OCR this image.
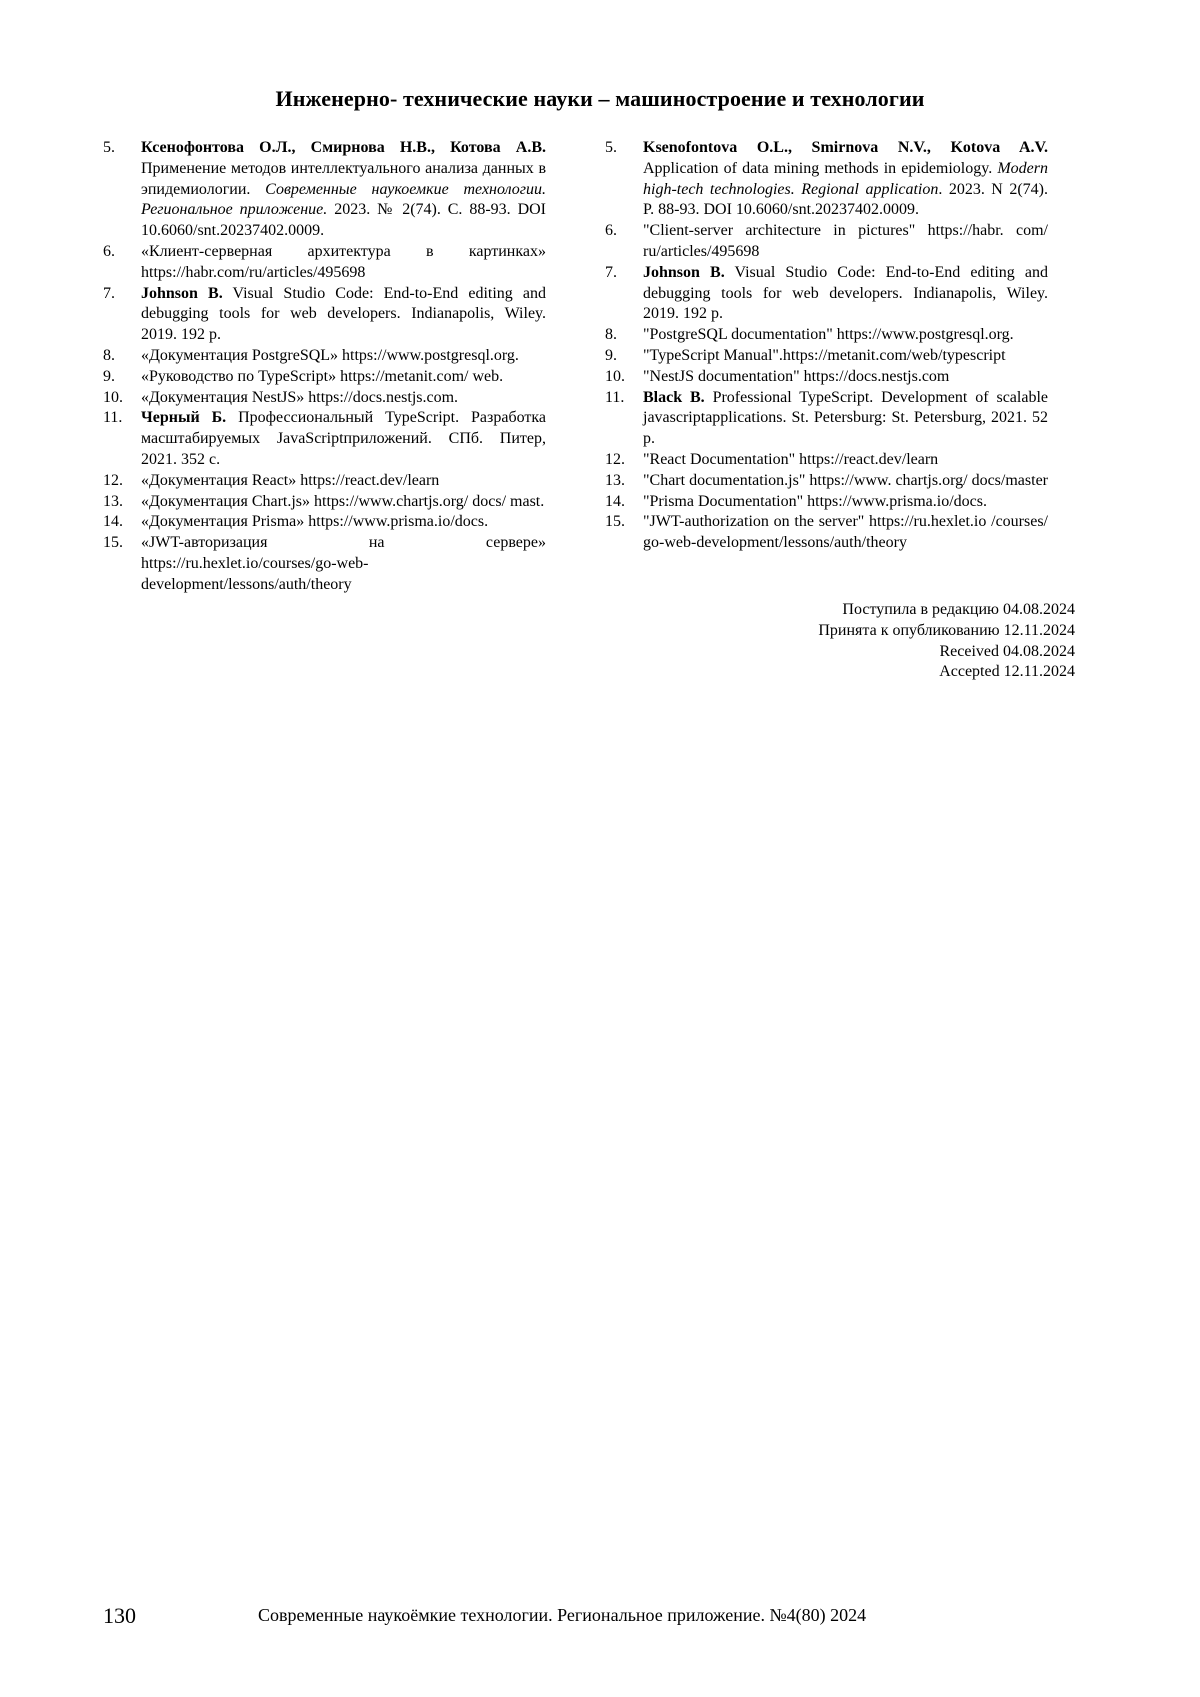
Инженерно- технические науки – машиностроение и технологии
5.	Ксенофонтова О.Л., Смирнова Н.В., Котова А.В. Применение методов интеллектуального анализа данных в эпидемиологии. Современные наукоемкие технологии. Региональное приложение. 2023. № 2(74). С. 88-93. DOI 10.6060/snt.20237402.0009.
6.	«Клиент-серверная архитектура в картинках» https://habr.com/ru/articles/495698
7.	Johnson B. Visual Studio Code: End-to-End editing and debugging tools for web developers. Indianapolis, Wiley. 2019. 192 p.
8.	«Документация PostgreSQL» https://www.postgresql.org.
9.	«Руководство по TypeScript» https://metanit.com/ web.
10.	«Документация NestJS» https://docs.nestjs.com.
11.	Черный Б. Профессиональный TypeScript. Разработка масштабируемых JavaScriptприложений. СПб. Питер, 2021. 352 с.
12.	«Документация React» https://react.dev/learn
13.	«Документация Chart.js» https://www.chartjs.org/ docs/ mast.
14.	«Документация Prisma» https://www.prisma.io/docs.
15.	«JWT-авторизация на сервере» https://ru.hexlet.io/courses/go-web-development/lessons/auth/theory
5.	Ksenofontova O.L., Smirnova N.V., Kotova A.V. Application of data mining methods in epidemiology. Modern high-tech technologies. Regional application. 2023. N 2(74). P. 88-93. DOI 10.6060/snt.20237402.0009.
6.	"Client-server architecture in pictures" https://habr. com/ ru/articles/495698
7.	Johnson B. Visual Studio Code: End-to-End editing and debugging tools for web developers. Indianapolis, Wiley. 2019. 192 p.
8.	"PostgreSQL documentation" https://www.postgresql.org.
9.	"TypeScript Manual".https://metanit.com/web/typescript
10.	"NestJS documentation" https://docs.nestjs.com
11.	Black B. Professional TypeScript. Development of scalable javascriptapplications. St. Petersburg: St. Petersburg, 2021. 52 p.
12.	"React Documentation" https://react.dev/learn
13.	"Chart documentation.js" https://www. chartjs.org/ docs/master
14.	"Prisma Documentation" https://www.prisma.io/docs.
15.	"JWT-authorization on the server" https://ru.hexlet.io /courses/ go-web-development/lessons/auth/theory
Поступила в редакцию 04.08.2024
Принята к опубликованию 12.11.2024
Received 04.08.2024
Accepted 12.11.2024
130	Современные наукоёмкие технологии. Региональное приложение. №4(80) 2024
